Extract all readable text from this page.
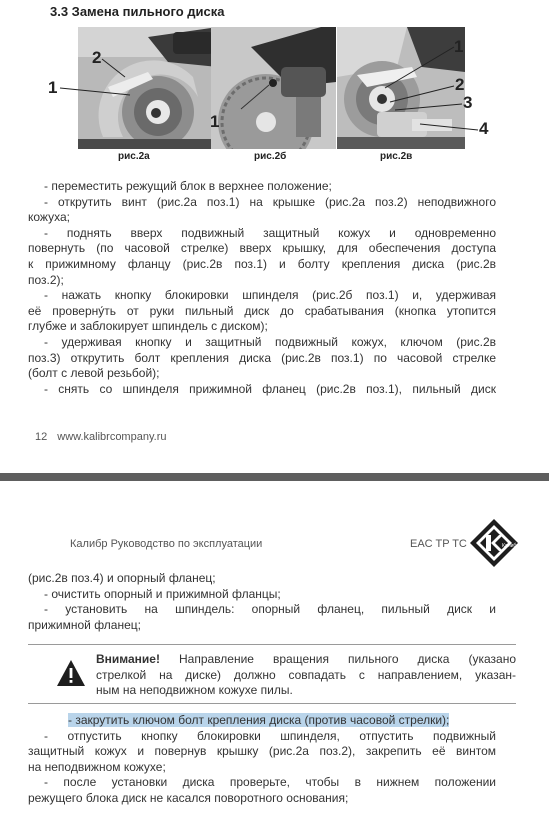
3.3 Замена пильного диска
1
2
рис.2а
1
рис.2б
1
2
3
4
рис.2в

- переместить режущий блок в верхнее положение;

- открутить винт (рис.2а поз.1) на крышке (рис.2а поз.2) неподвижного

кожуха;

- поднять вверх подвижный защитный кожух и одновременно

повернуть (по часовой стрелке) вверх крышку, для обеспечения доступа

к прижимному фланцу (рис.2в поз.1) и болту крепления диска (рис.2в

поз.2);

- нажать кнопку блокировки шпинделя (рис.2б поз.1) и, удерживая

её проверну́ть от руки пильный диск до срабатывания (кнопка утопится

глубже и заблокирует шпиндель с диском);

- удерживая кнопку и защитный подвижный кожух, ключом (рис.2в

поз.3) открутить болт крепления диска (рис.2в поз.1) по часовой стрелке

(болт с левой резьбой);

- снять со шпинделя прижимной фланец (рис.2в поз.1), пильный диск

12 www.kalibrcompany.ru
Калибр Руководство по эксплуатации	EAC TP TC	Калибр

(рис.2в поз.4) и опорный фланец;

- очистить опорный и прижимной фланцы;

- установить на шпиндель: опорный фланец, пильный диск и

прижимной фланец;

Внимание! Направление вращения пильного диска (указано

стрелкой на диске) должно совпадать с направлением, указан-

ным на неподвижном кожухе пилы.

- закрутить ключом болт крепления диска (против часовой стрелки);

- отпустить кнопку блокировки шпинделя, отпустить подвижный

защитный кожух и повернув крышку (рис.2а поз.2), закрепить её винтом

на неподвижном кожухе;

- после установки диска проверьте, чтобы в нижнем положении

режущего блока диск не касался поворотного основания;
